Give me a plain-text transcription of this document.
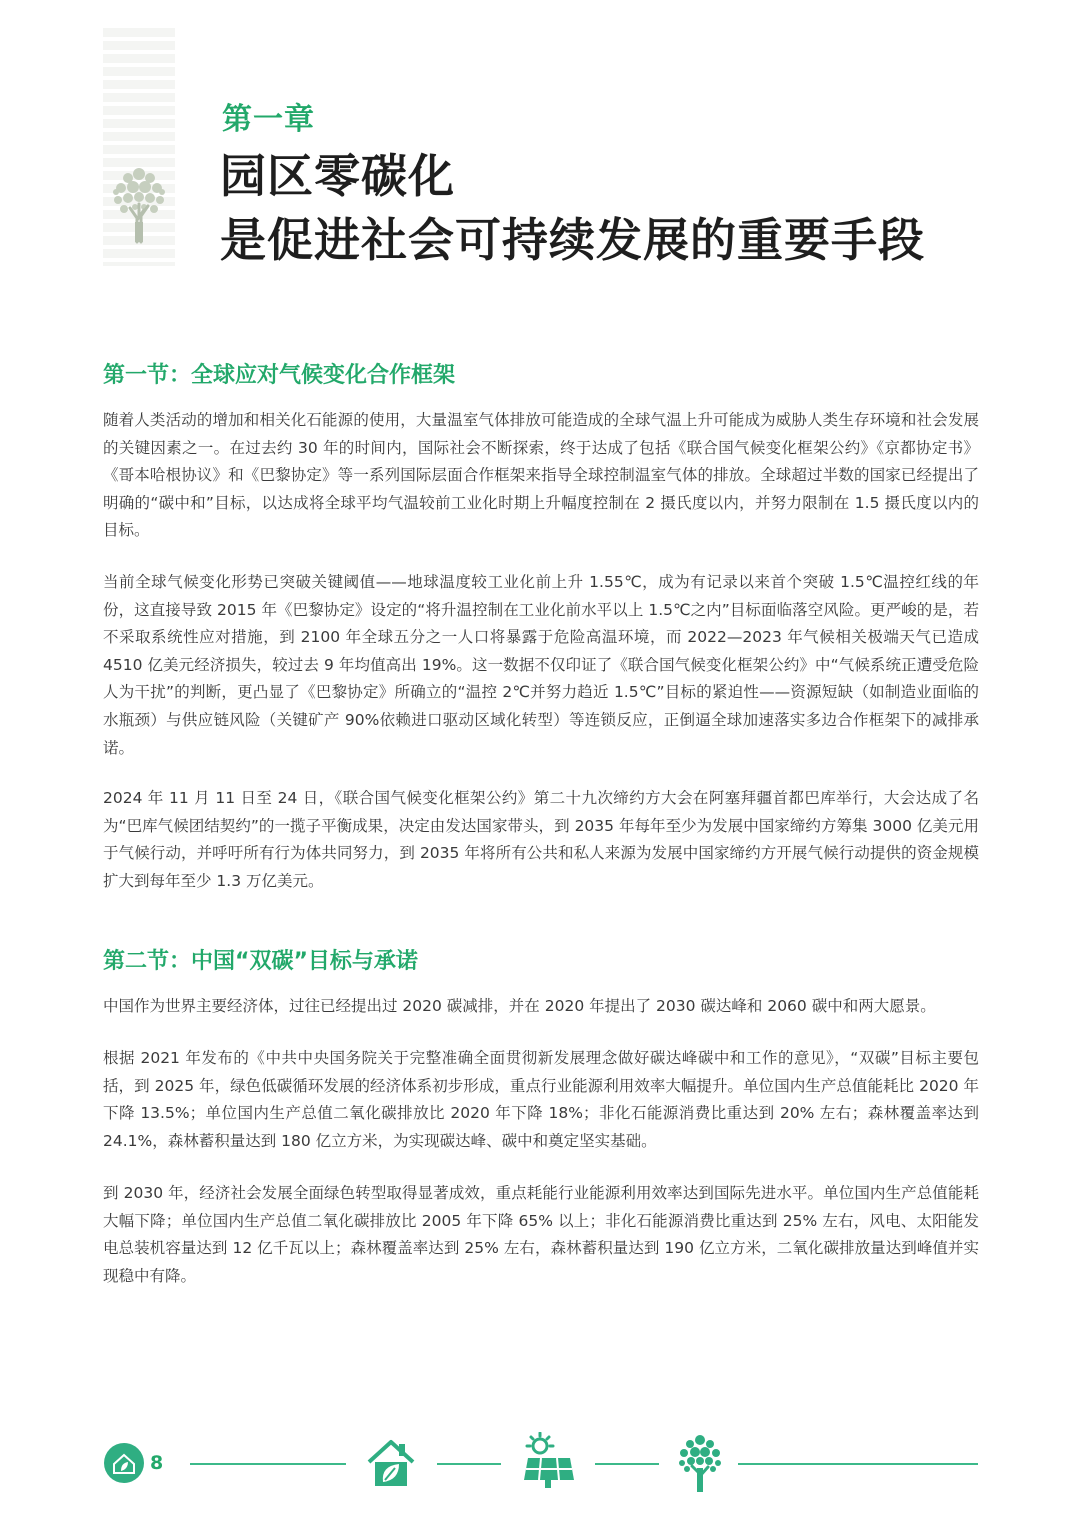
第一章
园区零碳化
是促进社会可持续发展的重要手段
第一节：全球应对气候变化合作框架

随着人类活动的增加和相关化石能源的使用，大量温室气体排放可能造成的全球气温上升可能成为威胁人类生存环境和社会发展的关键因素之一。在过去约 30 年的时间内，国际社会不断探索，终于达成了包括《联合国气候变化框架公约》《京都协定书》《哥本哈根协议》和《巴黎协定》等一系列国际层面合作框架来指导全球控制温室气体的排放。全球超过半数的国家已经提出了明确的“碳中和”目标，以达成将全球平均气温较前工业化时期上升幅度控制在 2 摄氏度以内，并努力限制在 1.5 摄氏度以内的目标。

当前全球气候变化形势已突破关键阈值——地球温度较工业化前上升 1.55℃，成为有记录以来首个突破 1.5℃温控红线的年份，这直接导致 2015 年《巴黎协定》设定的“将升温控制在工业化前水平以上 1.5℃之内”目标面临落空风险。更严峻的是，若不采取系统性应对措施，到 2100 年全球五分之一人口将暴露于危险高温环境，而 2022—2023 年气候相关极端天气已造成 4510 亿美元经济损失，较过去 9 年均值高出 19%。这一数据不仅印证了《联合国气候变化框架公约》中“气候系统正遭受危险人为干扰”的判断，更凸显了《巴黎协定》所确立的“温控 2℃并努力趋近 1.5℃”目标的紧迫性——资源短缺（如制造业面临的水瓶颈）与供应链风险（关键矿产 90%依赖进口驱动区域化转型）等连锁反应，正倒逼全球加速落实多边合作框架下的减排承诺。

2024 年 11 月 11 日至 24 日，《联合国气候变化框架公约》第二十九次缔约方大会在阿塞拜疆首都巴库举行，大会达成了名为“巴库气候团结契约”的一揽子平衡成果，决定由发达国家带头，到 2035 年每年至少为发展中国家缔约方筹集 3000 亿美元用于气候行动，并呼吁所有行为体共同努力，到 2035 年将所有公共和私人来源为发展中国家缔约方开展气候行动提供的资金规模扩大到每年至少 1.3 万亿美元。

第二节：中国“双碳”目标与承诺

中国作为世界主要经济体，过往已经提出过 2020 碳减排，并在 2020 年提出了 2030 碳达峰和 2060 碳中和两大愿景。

根据 2021 年发布的《中共中央国务院关于完整准确全面贯彻新发展理念做好碳达峰碳中和工作的意见》，“双碳”目标主要包括，到 2025 年，绿色低碳循环发展的经济体系初步形成，重点行业能源利用效率大幅提升。单位国内生产总值能耗比 2020 年下降 13.5%；单位国内生产总值二氧化碳排放比 2020 年下降 18%；非化石能源消费比重达到 20% 左右；森林覆盖率达到 24.1%，森林蓄积量达到 180 亿立方米，为实现碳达峰、碳中和奠定坚实基础。

到 2030 年，经济社会发展全面绿色转型取得显著成效，重点耗能行业能源利用效率达到国际先进水平。单位国内生产总值能耗大幅下降；单位国内生产总值二氧化碳排放比 2005 年下降 65% 以上；非化石能源消费比重达到 25% 左右，风电、太阳能发电总装机容量达到 12 亿千瓦以上；森林覆盖率达到 25% 左右，森林蓄积量达到 190 亿立方米，二氧化碳排放量达到峰值并实现稳中有降。

8
